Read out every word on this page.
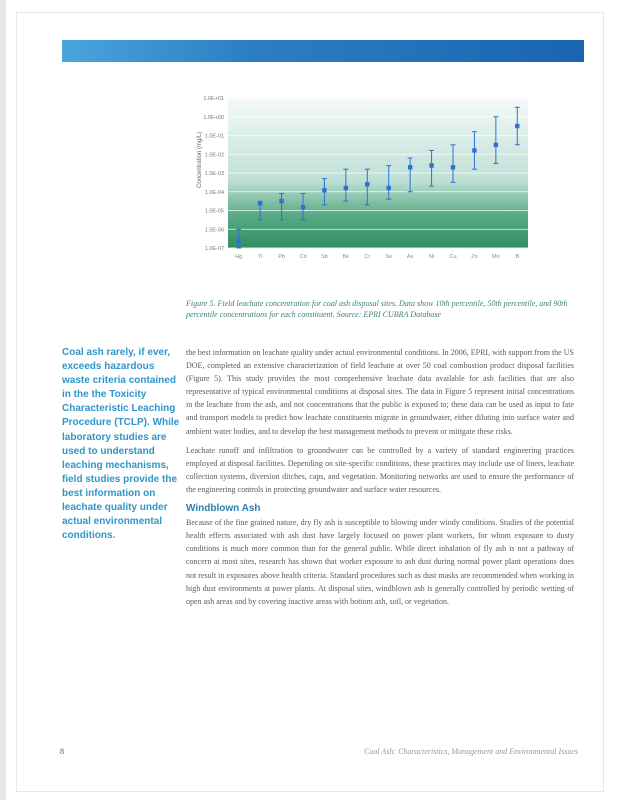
1.0E+01
1.0E+00
1.0E-01
1.0E-02
1.0E-03
1.0E-04
1.0E-05
1.0E-06
1.0E-07
Hg	Tl	Pb	Cd	Sb	Be	Cr	Se	As	Ni	Cu	Zn	Mo	B
Concentration (mg/L)

Figure 5. Field leachate concentration for coal ash disposal sites. Data show 10th percentile, 50th percentile, and 90th percentile concentrations for each constituent. Source: EPRI CUBRA Database

Coal ash rarely, if ever, exceeds hazardous waste criteria contained in the the Toxicity Characteristic Leaching Procedure (TCLP). While laboratory studies are used to understand leaching mechanisms, field studies provide the best information on leachate quality under actual environmental conditions.

the best information on leachate quality under actual environmental conditions. In 2006, EPRI, with support from the US DOE, completed an extensive characterization of field leachate at over 50 coal combustion product disposal facilities (Figure 5). This study provides the most comprehensive leachate data available for ash facilities that are also representative of typical environmental conditions at disposal sites. The data in Figure 5 represent initial concentrations in the leachate from the ash, and not concentrations that the public is exposed to; these data can be used as input to fate and transport models to predict how leachate constituents migrate in groundwater, either diluting into surface water and ambient water bodies, and to develop the best management methods to prevent or mitigate these risks.

Leachate runoff and infiltration to groundwater can be controlled by a variety of standard engineering practices employed at disposal facilities. Depending on site-specific conditions, these practices may include use of liners, leachate collection systems, diversion ditches, caps, and vegetation. Monitoring networks are used to ensure the performance of the engineering controls in protecting groundwater and surface water resources.

Windblown Ash

Because of the fine grained nature, dry fly ash is susceptible to blowing under windy conditions. Studies of the potential health effects associated with ash dust have largely focused on power plant workers, for whom exposure to dusty conditions is much more common than for the general public. While direct inhalation of fly ash is not a pathway of concern at most sites, research has shown that worker exposure to ash dust during normal power plant operations does not result in exposures above health criteria. Standard procedures such as dust masks are recommended when working in high dust environments at power plants. At disposal sites, windblown ash is generally controlled by periodic wetting of open ash areas and by covering inactive areas with bottom ash, soil, or vegetation.

8	Coal Ash: Characteristics, Management and Environmental Issues
